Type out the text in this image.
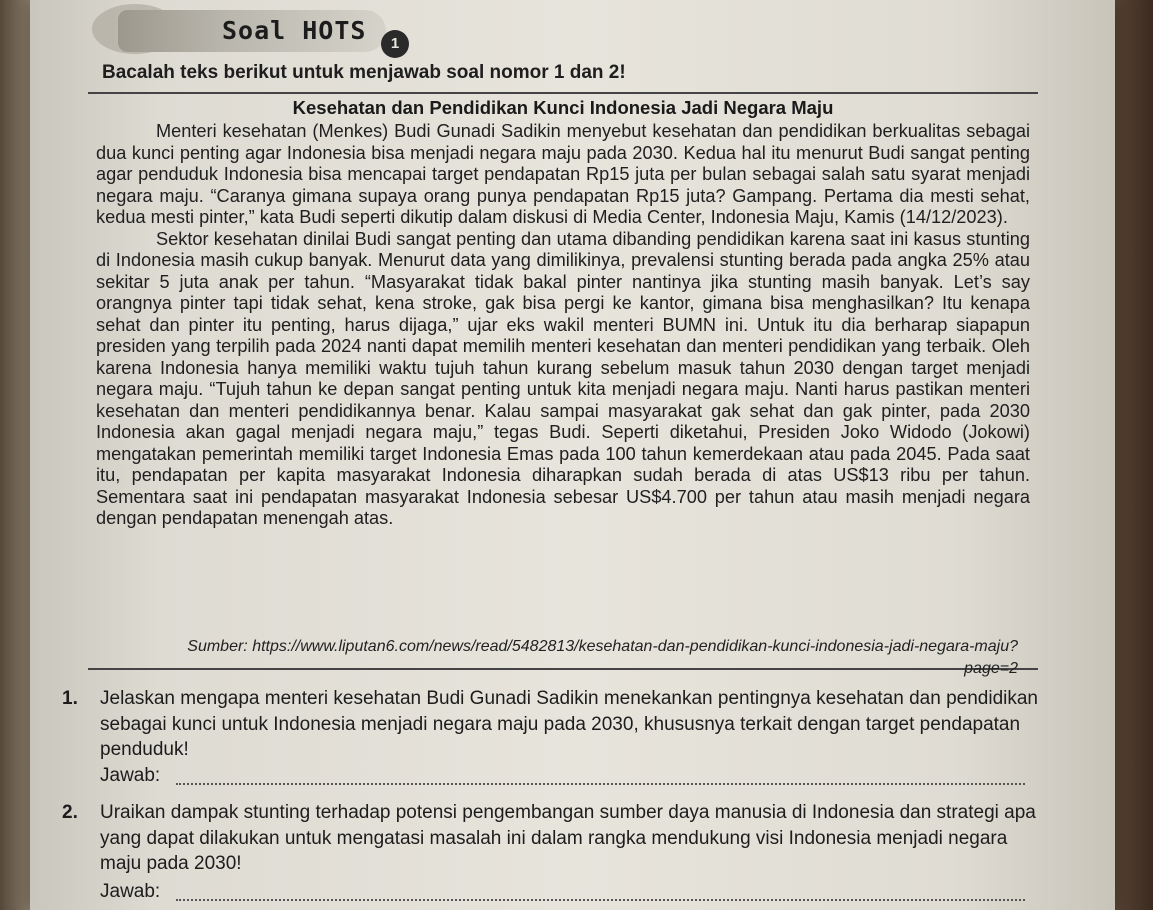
Soal HOTS	1
Bacalah teks berikut untuk menjawab soal nomor 1 dan 2!
Kesehatan dan Pendidikan Kunci Indonesia Jadi Negara Maju

Menteri kesehatan (Menkes) Budi Gunadi Sadikin menyebut kesehatan dan pendidikan berkualitas sebagai dua kunci penting agar Indonesia bisa menjadi negara maju pada 2030. Kedua hal itu menurut Budi sangat penting agar penduduk Indonesia bisa mencapai target pendapatan Rp15 juta per bulan sebagai salah satu syarat menjadi negara maju. “Caranya gimana supaya orang punya pendapatan Rp15 juta? Gampang. Pertama dia mesti sehat, kedua mesti pinter,” kata Budi seperti dikutip dalam diskusi di Media Center, Indonesia Maju, Kamis (14/12/2023).

Sektor kesehatan dinilai Budi sangat penting dan utama dibanding pendidikan karena saat ini kasus stunting di Indonesia masih cukup banyak. Menurut data yang dimilikinya, prevalensi stunting berada pada angka 25% atau sekitar 5 juta anak per tahun. “Masyarakat tidak bakal pinter nantinya jika stunting masih banyak. Let’s say orangnya pinter tapi tidak sehat, kena stroke, gak bisa pergi ke kantor, gimana bisa menghasilkan? Itu kenapa sehat dan pinter itu penting, harus dijaga,” ujar eks wakil menteri BUMN ini. Untuk itu dia berharap siapapun presiden yang terpilih pada 2024 nanti dapat memilih menteri kesehatan dan menteri pendidikan yang terbaik. Oleh karena Indonesia hanya memiliki waktu tujuh tahun kurang sebelum masuk tahun 2030 dengan target menjadi negara maju. “Tujuh tahun ke depan sangat penting untuk kita menjadi negara maju. Nanti harus pastikan menteri kesehatan dan menteri pendidikannya benar. Kalau sampai masyarakat gak sehat dan gak pinter, pada 2030 Indonesia akan gagal menjadi negara maju,” tegas Budi. Seperti diketahui, Presiden Joko Widodo (Jokowi) mengatakan pemerintah memiliki target Indonesia Emas pada 100 tahun kemerdekaan atau pada 2045. Pada saat itu, pendapatan per kapita masyarakat Indonesia diharapkan sudah berada di atas US$13 ribu per tahun. Sementara saat ini pendapatan masyarakat Indonesia sebesar US$4.700 per tahun atau masih menjadi negara dengan pendapatan menengah atas.

Sumber: https://www.liputan6.com/news/read/5482813/kesehatan-dan-pendidikan-kunci-indonesia-jadi-negara-maju?page=2
1. Jelaskan mengapa menteri kesehatan Budi Gunadi Sadikin menekankan pentingnya kesehatan dan pendidikan sebagai kunci untuk Indonesia menjadi negara maju pada 2030, khususnya terkait dengan target pendapatan penduduk!
Jawab:
2. Uraikan dampak stunting terhadap potensi pengembangan sumber daya manusia di Indonesia dan strategi apa yang dapat dilakukan untuk mengatasi masalah ini dalam rangka mendukung visi Indonesia menjadi negara maju pada 2030!
Jawab:
